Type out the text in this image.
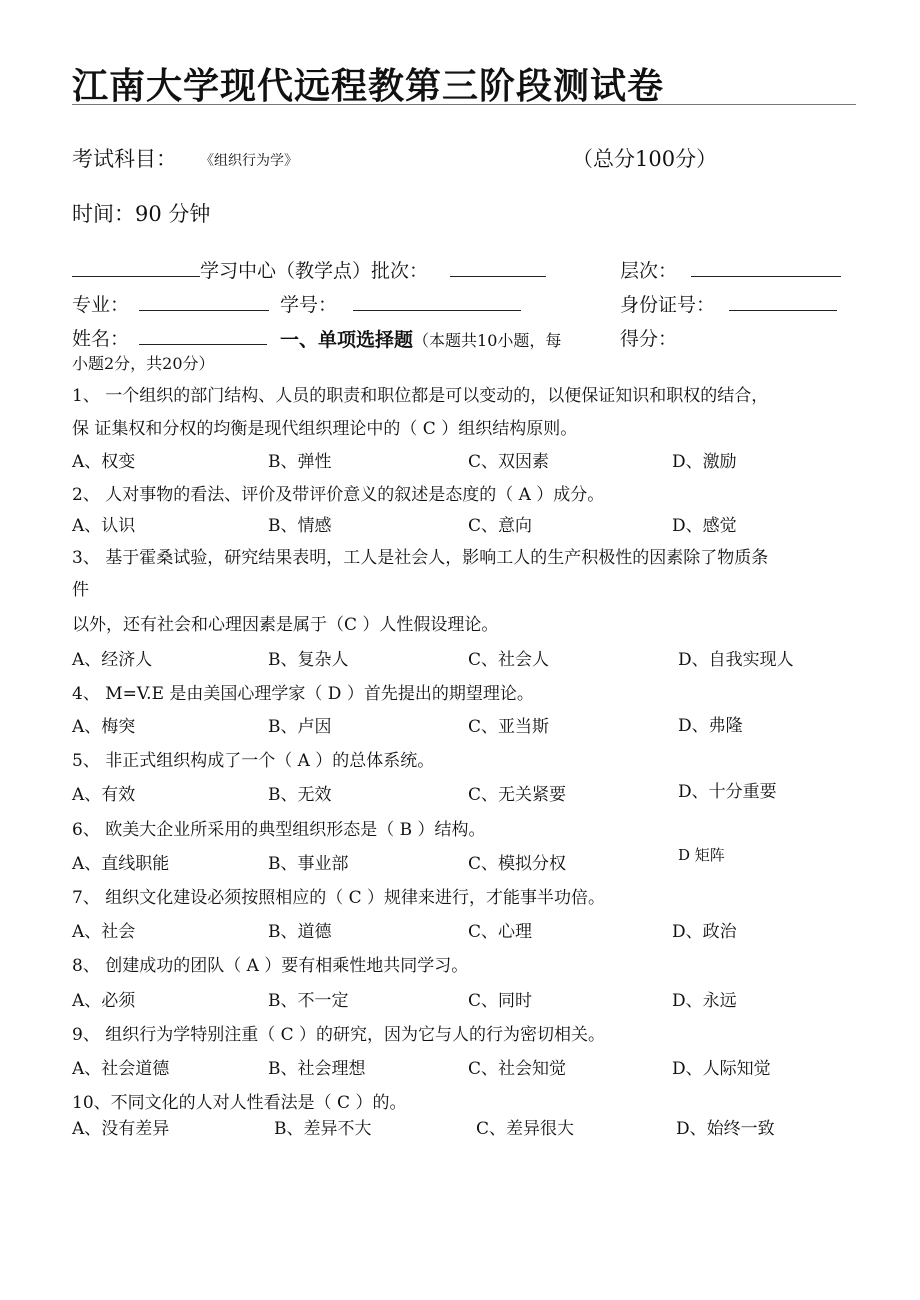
江南大学现代远程教第三阶段测试卷
考试科目： 《组织行为学》	（总分100分）
时间：90 分钟
学习中心（教学点）批次：	层次：
专业：	学号：	身份证号：
姓名：	一、单项选择题（本题共10小题，每	得分：
小题2分，共20分）
1、 一个组织的部门结构、人员的职责和职位都是可以变动的，以便保证知识和职权的结合，
保 证集权和分权的均衡是现代组织理论中的（ C ）组织结构原则。
A、权变	B、弹性	C、双因素	D、激励
2、 人对事物的看法、评价及带评价意义的叙述是态度的（ A ）成分。
A、认识	B、情感	C、意向	D、感觉
3、 基于霍桑试验，研究结果表明，工人是社会人，影响工人的生产积极性的因素除了物质条
件
以外，还有社会和心理因素是属于（C ）人性假设理论。
A、经济人	B、复杂人	C、社会人	D、自我实现人
4、 M=V.E 是由美国心理学家（ D ）首先提出的期望理论。
A、梅突	B、卢因	C、亚当斯	D、弗隆
5、 非正式组织构成了一个（ A ）的总体系统。
A、有效	B、无效	C、无关紧要	D、十分重要
6、 欧美大企业所采用的典型组织形态是（ B ）结构。
A、直线职能	B、事业部	C、模拟分权	D 矩阵
7、 组织文化建设必须按照相应的（ C ）规律来进行，才能事半功倍。
A、社会	B、道德	C、心理	D、政治
8、 创建成功的团队（ A ）要有相乘性地共同学习。
A、必须	B、不一定	C、同时	D、永远
9、 组织行为学特别注重（ C ）的研究，因为它与人的行为密切相关。
A、社会道德	B、社会理想	C、社会知觉	D、人际知觉
10、不同文化的人对人性看法是（ C ）的。
A、没有差异	B、差异不大	C、差异很大	D、始终一致
